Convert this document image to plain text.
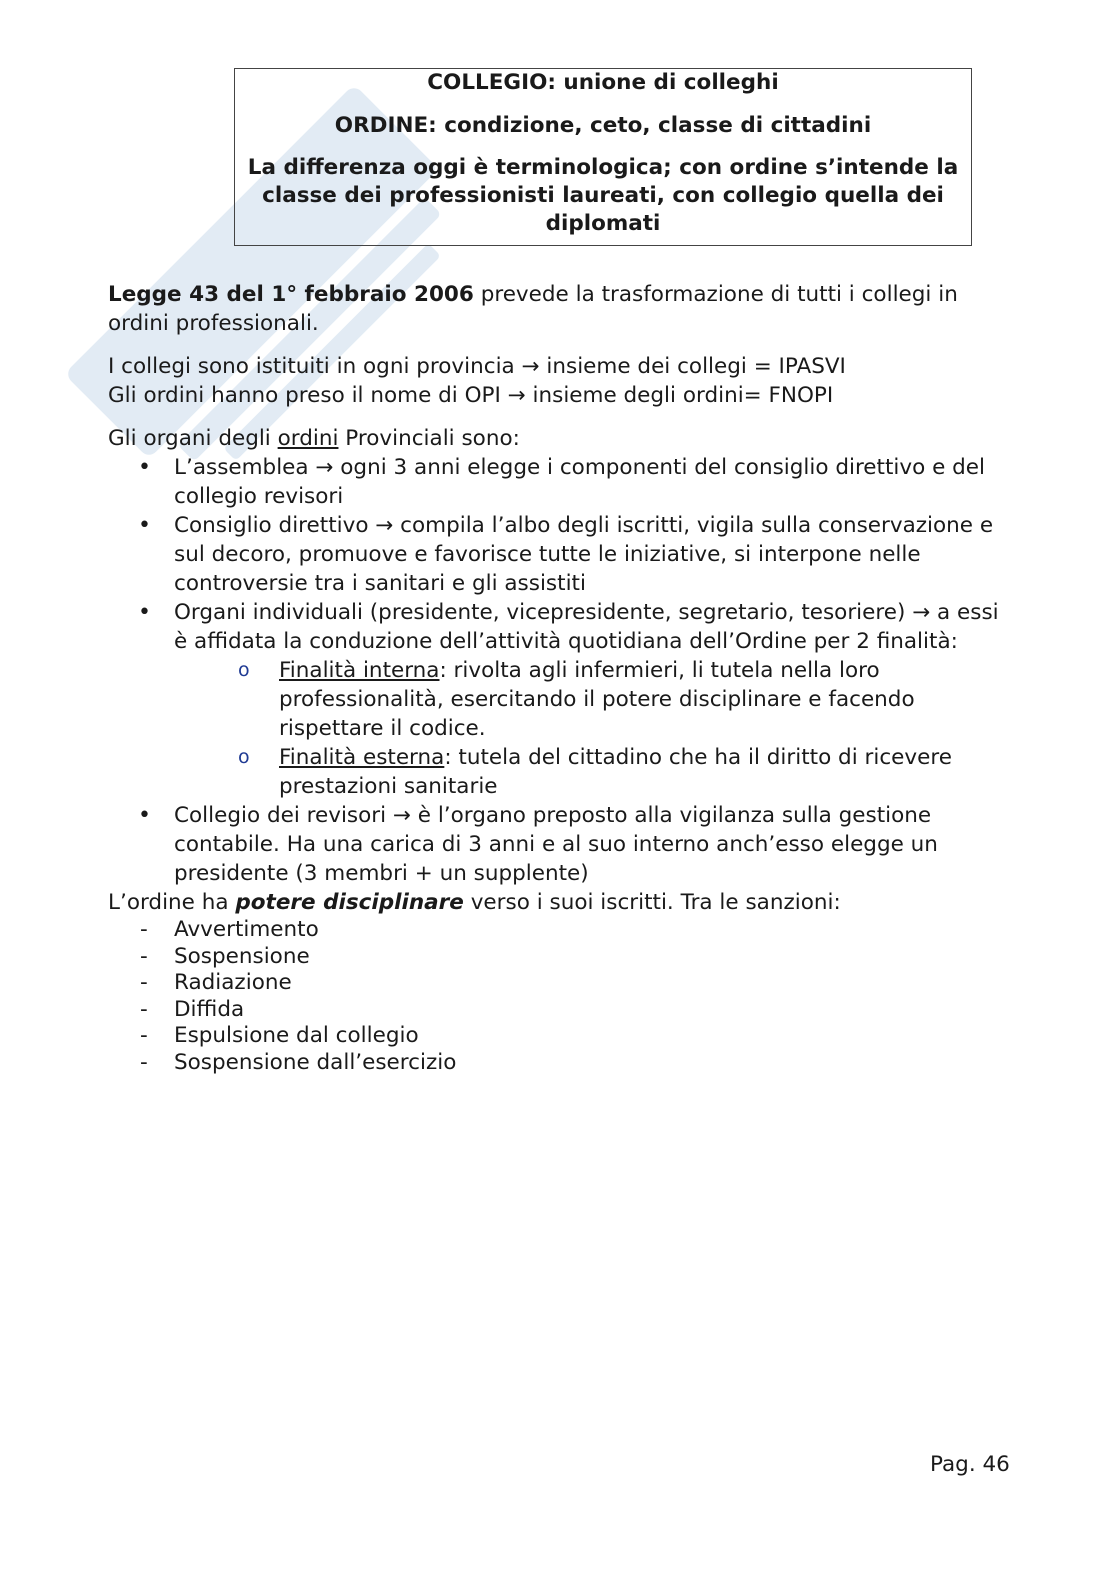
COLLEGIO: unione di colleghi

ORDINE: condizione, ceto, classe di cittadini

La differenza oggi è terminologica; con ordine s’intende la classe dei professionisti laureati, con collegio quella dei diplomati

Legge 43 del 1° febbraio 2006 prevede la trasformazione di tutti i collegi in ordini professionali.

I collegi sono istituiti in ogni provincia → insieme dei collegi = IPASVI

Gli ordini hanno preso il nome di OPI → insieme degli ordini= FNOPI

Gli organi degli ordini Provinciali sono:

• L’assemblea → ogni 3 anni elegge i componenti del consiglio direttivo e del collegio revisori
• Consiglio direttivo → compila l’albo degli iscritti, vigila sulla conservazione e sul decoro, promuove e favorisce tutte le iniziative, si interpone nelle controversie tra i sanitari e gli assistiti
• Organi individuali (presidente, vicepresidente, segretario, tesoriere) → a essi è affidata la conduzione dell’attività quotidiana dell’Ordine per 2 finalità:
o Finalità interna: rivolta agli infermieri, li tutela nella loro professionalità, esercitando il potere disciplinare e facendo rispettare il codice.
o Finalità esterna: tutela del cittadino che ha il diritto di ricevere prestazioni sanitarie
• Collegio dei revisori → è l’organo preposto alla vigilanza sulla gestione contabile. Ha una carica di 3 anni e al suo interno anch’esso elegge un presidente (3 membri + un supplente)

L’ordine ha potere disciplinare verso i suoi iscritti. Tra le sanzioni:

- Avvertimento
- Sospensione
- Radiazione
- Diffida
- Espulsione dal collegio
- Sospensione dall’esercizio
Pag. 46
